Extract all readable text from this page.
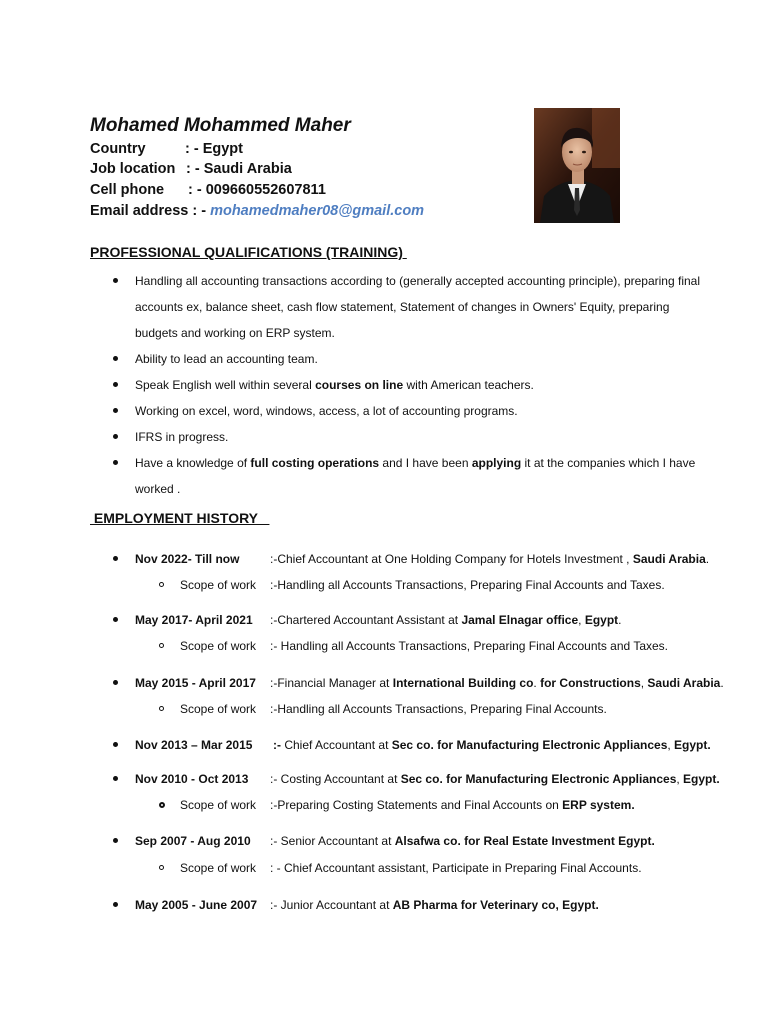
Mohamed Mohammed Maher
Country	: - Egypt
Job location : - Saudi Arabia
Cell phone : - 009660552607811
Email address : - mohamedmaher08@gmail.com
PROFESSIONAL QUALIFICATIONS (TRAINING)
Handling all accounting transactions according to (generally accepted accounting principle), preparing final
accounts ex, balance sheet, cash flow statement, Statement of changes in Owners' Equity, preparing
budgets and working on ERP system.
Ability to lead an accounting team.
Speak English well within several courses on line with American teachers.
Working on excel, word, windows, access, a lot of accounting programs.
IFRS in progress.
Have a knowledge of full costing operations and I have been applying it at the companies which I have
worked .
EMPLOYMENT HISTORY
Nov 2022- Till now	:-Chief Accountant at One Holding Company for Hotels Investment , Saudi Arabia.
Scope of work :-Handling all Accounts Transactions, Preparing Final Accounts and Taxes.
May 2017- April 2021 :-Chartered Accountant Assistant at Jamal Elnagar office, Egypt.
Scope of work :- Handling all Accounts Transactions, Preparing Final Accounts and Taxes.
May 2015 - April 2017 :-Financial Manager at International Building co. for Constructions, Saudi Arabia.
Scope of work :-Handling all Accounts Transactions, Preparing Final Accounts.
Nov 2013 – Mar 2015 :- Chief Accountant at Sec co. for Manufacturing Electronic Appliances, Egypt.
Nov 2010 - Oct 2013 :- Costing Accountant at Sec co. for Manufacturing Electronic Appliances, Egypt.
Scope of work :-Preparing Costing Statements and Final Accounts on ERP system.
Sep 2007 - Aug 2010 :- Senior Accountant at Alsafwa co. for Real Estate Investment Egypt.
Scope of work : - Chief Accountant assistant, Participate in Preparing Final Accounts.
May 2005 - June 2007 :- Junior Accountant at AB Pharma for Veterinary co, Egypt.
